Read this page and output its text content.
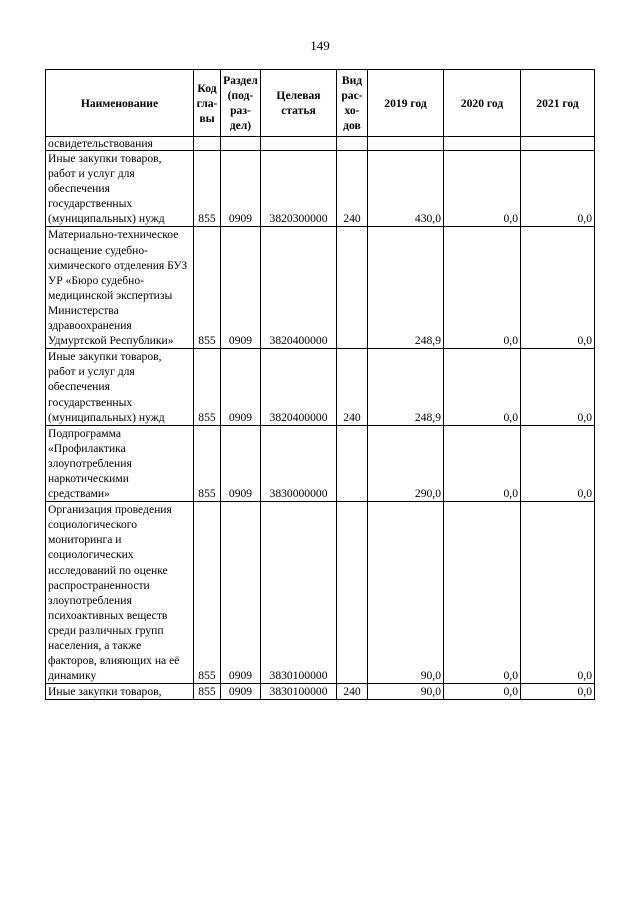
149
Наименование	Код гла-вы	Раздел (под-раз-дел)	Целевая статья	Вид рас-хо-дов	2019 год	2020 год	2021 год
освидетельствования							
Иные закупки товаров, работ и услуг для обеспечения государственных (муниципальных) нужд	855	0909	3820300000	240	430,0	0,0	0,0
Материально-техническое оснащение судебно-химического отделения БУЗ УР «Бюро судебно-медицинской экспертизы Министерства здравоохранения Удмуртской Республики»	855	0909	3820400000		248,9	0,0	0,0
Иные закупки товаров, работ и услуг для обеспечения государственных (муниципальных) нужд	855	0909	3820400000	240	248,9	0,0	0,0
Подпрограмма «Профилактика злоупотребления наркотическими средствами»	855	0909	3830000000		290,0	0,0	0,0
Организация проведения социологического мониторинга и социологических исследований по оценке распространенности злоупотребления психоактивных веществ среди различных групп населения, а также факторов, влияющих на её динамику	855	0909	3830100000		90,0	0,0	0,0
Иные закупки товаров,	855	0909	3830100000	240	90,0	0,0	0,0
